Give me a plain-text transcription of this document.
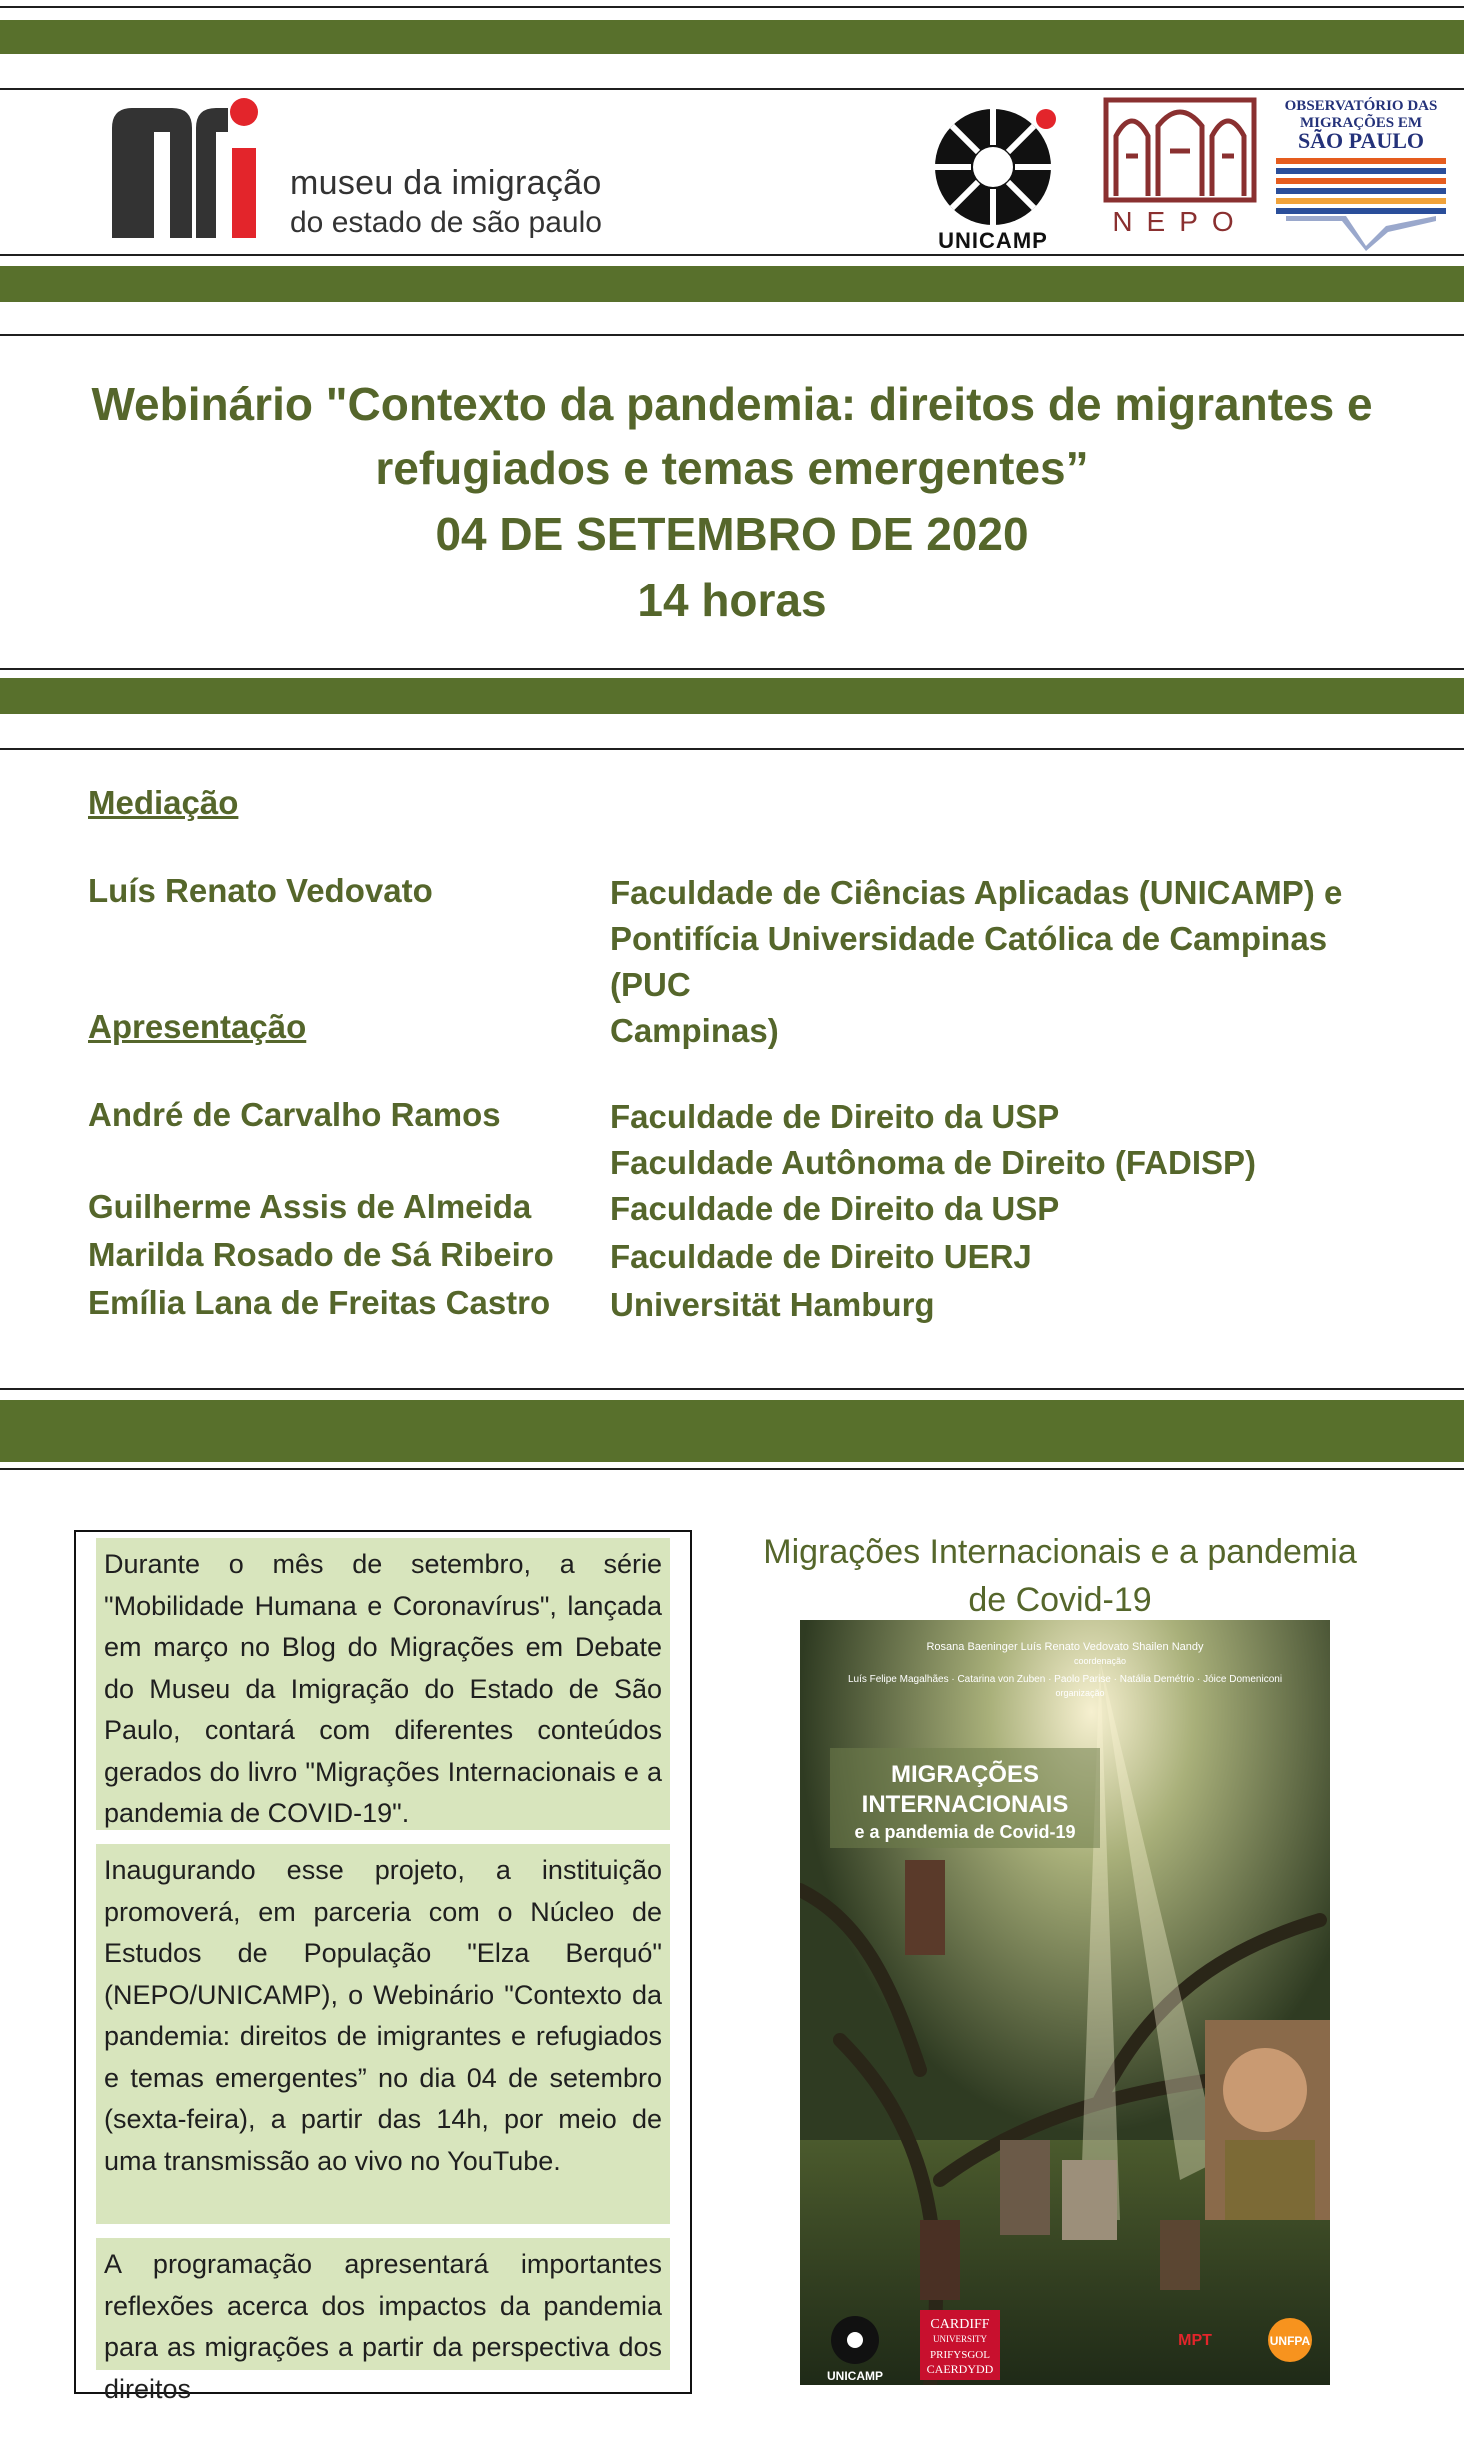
museu da imigração
do estado de são paulo
UNICAMP
NEPO
OBSERVATÓRIO DAS MIGRAÇÕES EM
SÃO PAULO
Webinário "Contexto da pandemia: direitos de migrantes e
refugiados e temas emergentes”
04 DE SETEMBRO DE 2020
14 horas
Mediação
Luís Renato Vedovato	Faculdade de Ciências Aplicadas (UNICAMP) e
Pontifícia Universidade Católica de Campinas (PUC
Campinas)
Apresentação
André de Carvalho Ramos	Faculdade de Direito da USP
Faculdade Autônoma de Direito (FADISP)
Guilherme Assis de Almeida Faculdade de Direito da USP
Marilda Rosado de Sá Ribeiro Faculdade de Direito UERJ
Emília Lana de Freitas Castro Universität Hamburg
Durante o mês de setembro, a série "Mobilidade Humana e Coronavírus", lançada em março no Blog do Migrações em Debate do Museu da Imigração do Estado de São Paulo, contará com diferentes conteúdos gerados do livro "Migrações Internacionais e a pandemia de COVID-19".
Inaugurando esse projeto, a instituição promoverá, em parceria com o Núcleo de Estudos de População "Elza Berquó" (NEPO/UNICAMP), o Webinário "Contexto da pandemia: direitos de imigrantes e refugiados e temas emergentes” no dia 04 de setembro (sexta-feira), a partir das 14h, por meio de uma transmissão ao vivo no YouTube.
A programação apresentará importantes reflexões acerca dos impactos da pandemia para as migrações a partir da perspectiva dos direitos
Migrações Internacionais e a pandemia
de Covid-19
UNICAMP
CARDIFF
UNIVERSITY
PRIFYSGOL
CAERDYDD
MPT	UNFPA
Rosana Baeninger Luís Renato Vedovato Shailen Nandy
coordenação
Luís Felipe Magalhães · Catarina von Zuben · Paolo Parise · Natália Demétrio · Jóice Domeniconi
organização
MIGRAÇÕES
INTERNACIONAIS
e a pandemia de Covid-19
